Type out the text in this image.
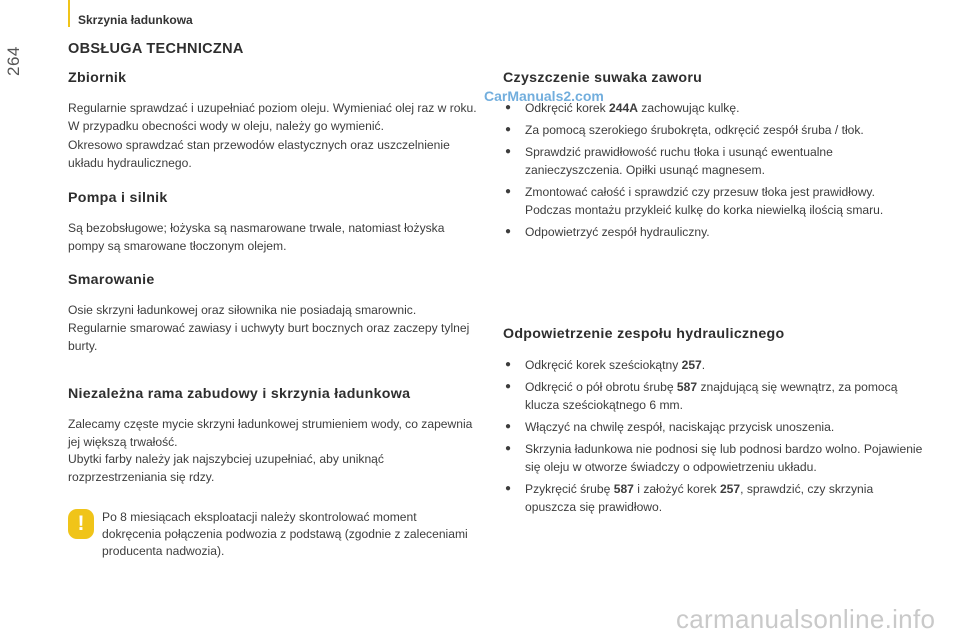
264
Skrzynia ładunkowa
OBSŁUGA TECHNICZNA
Zbiornik

Regularnie sprawdzać i uzupełniać poziom oleju. Wymieniać olej raz w roku. W przypadku obecności wody w oleju, należy go wymienić.

Okresowo sprawdzać stan przewodów elastycznych oraz uszczelnienie układu hydraulicznego.

Pompa i silnik

Są bezobsługowe; łożyska są nasmarowane trwale, natomiast łożyska pompy są smarowane tłoczonym olejem.

Smarowanie

Osie skrzyni ładunkowej oraz siłownika nie posiadają smarownic. Regularnie smarować zawiasy i uchwyty burt bocznych oraz zaczepy tylnej burty.

Niezależna rama zabudowy i skrzynia ładunkowa

Zalecamy częste mycie skrzyni ładunkowej strumieniem wody, co zapewnia jej większą trwałość.

Ubytki farby należy jak najszybciej uzupełniać, aby uniknąć rozprzestrzeniania się rdzy.

!	Po 8 miesiącach eksploatacji należy skontrolować moment dokręcenia połączenia podwozia z podstawą (zgodnie z zaleceniami producenta nadwozia).
Czyszczenie suwaka zaworu
● Odkręcić korek 244A zachowując kulkę.
● Za pomocą szerokiego śrubokręta, odkręcić zespół śruba / tłok.
● Sprawdzić prawidłowość ruchu tłoka i usunąć ewentualne zanieczyszczenia. Opiłki usunąć magnesem.
● Zmontować całość i sprawdzić czy przesuw tłoka jest prawidłowy. Podczas montażu przykleić kulkę do korka niewielką ilością smaru.
● Odpowietrzyć zespół hydrauliczny.
Odpowietrzenie zespołu hydraulicznego
● Odkręcić korek sześciokątny 257.
● Odkręcić o pół obrotu śrubę 587 znajdującą się wewnątrz, za pomocą klucza sześciokątnego 6 mm.
● Włączyć na chwilę zespół, naciskając przycisk unoszenia.
● Skrzynia ładunkowa nie podnosi się lub podnosi bardzo wolno. Pojawienie się oleju w otworze świadczy o odpowietrzeniu układu.
● Pzykręcić śrubę 587 i założyć korek 257, sprawdzić, czy skrzynia opuszcza się prawidłowo.
CarManuals2.com
carmanualsonline.info
